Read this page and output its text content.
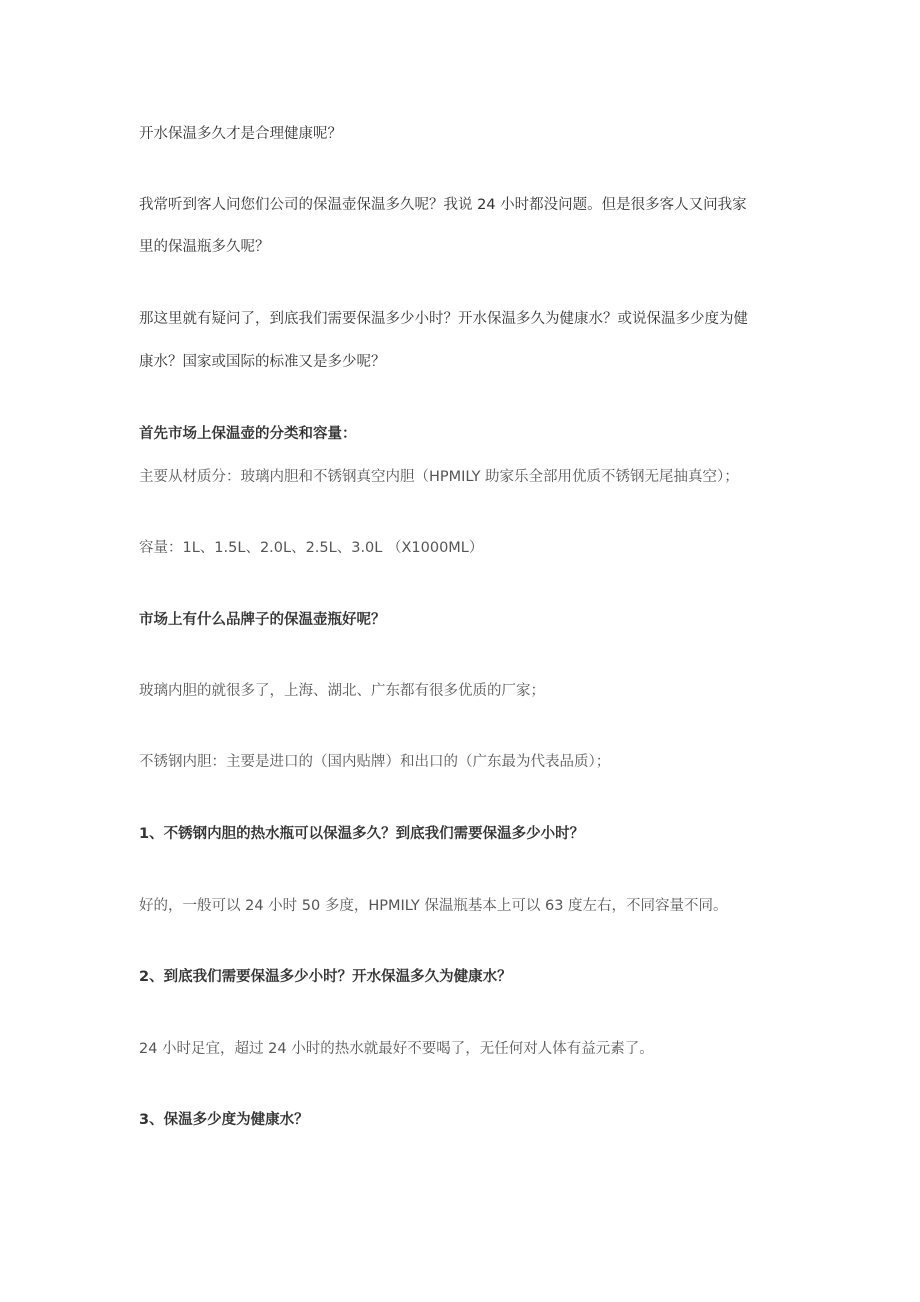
开水保温多久才是合理健康呢？
我常听到客人问您们公司的保温壶保温多久呢？我说 24 小时都没问题。但是很多客人又问我家
里的保温瓶多久呢？
那这里就有疑问了，到底我们需要保温多少小时？开水保温多久为健康水？或说保温多少度为健
康水？国家或国际的标准又是多少呢？
首先市场上保温壶的分类和容量：
主要从材质分：玻璃内胆和不锈钢真空内胆（HPMILY 助家乐全部用优质不锈钢无尾抽真空）；
容量：1L、1.5L、2.0L、2.5L、3.0L （X1000ML）
市场上有什么品牌子的保温壶瓶好呢？
玻璃内胆的就很多了，上海、湖北、广东都有很多优质的厂家；
不锈钢内胆：主要是进口的（国内贴牌）和出口的（广东最为代表品质）；
1、不锈钢内胆的热水瓶可以保温多久？到底我们需要保温多少小时？
好的，一般可以 24 小时 50 多度，HPMILY 保温瓶基本上可以 63 度左右，不同容量不同。
2、到底我们需要保温多少小时？开水保温多久为健康水？
24 小时足宜，超过 24 小时的热水就最好不要喝了，无任何对人体有益元素了。
3、保温多少度为健康水？
